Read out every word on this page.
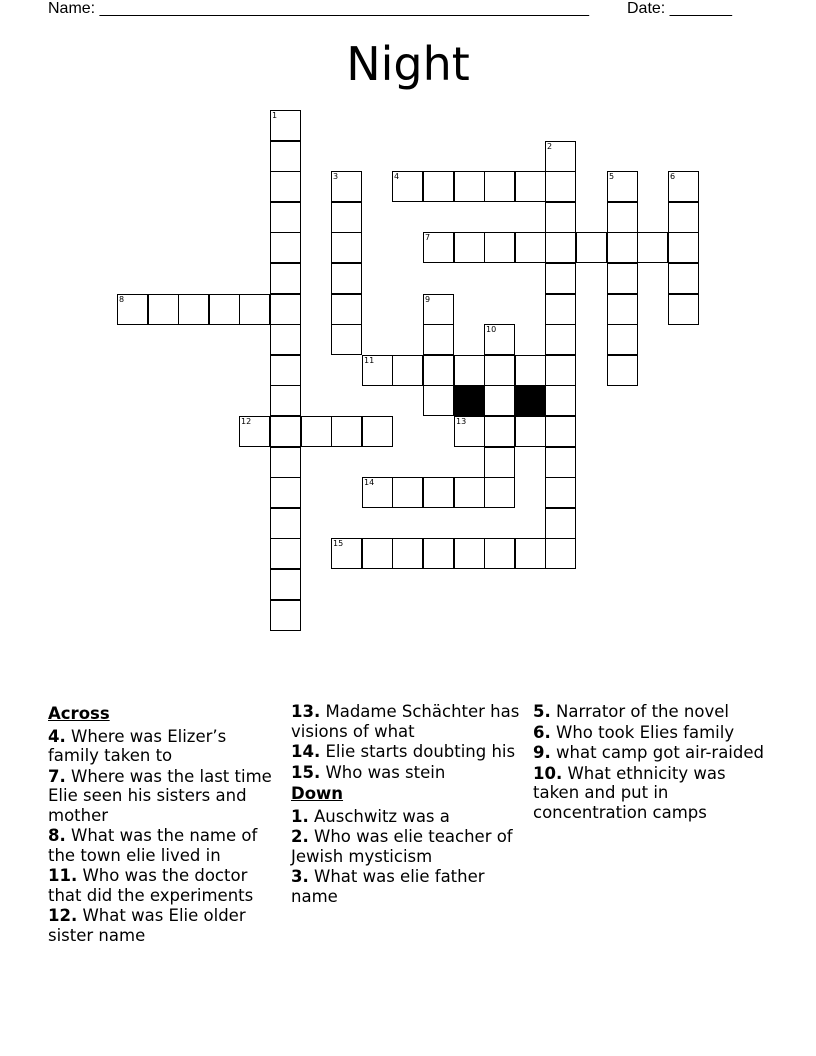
Name: _______________________________________________________ Date: _______
Night
1
2
3	4	5	6
7
8	9
10
11
12	13
14
15
Across
4. Where was Elizer’s family taken to
7. Where was the last time Elie seen his sisters and mother
8. What was the name of the town elie lived in
11. Who was the doctor that did the experiments
12. What was Elie older sister name
13. Madame Schächter has visions of what
14. Elie starts doubting his
15. Who was stein
Down
1. Auschwitz was a
2. Who was elie teacher of Jewish mysticism
3. What was elie father name
5. Narrator of the novel
6. Who took Elies family
9. what camp got air-raided
10. What ethnicity was taken and put in concentration camps
